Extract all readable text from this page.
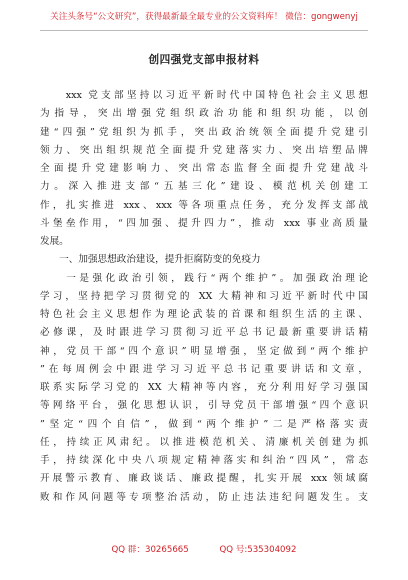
关注头条号“公文研究”，获得最新最全最专业的公文资料库！ 微信：gongwenyj
创四强党支部申报材料
　　xxx 党支部坚持以习近平新时代中国特色社会主义思想
为指导，突出增强党组织政治功能和组织功能，以创
建“四强”党组织为抓手，突出政治统领全面提升党建引
领力、突出组织规范全面提升党建落实力、突出培塑品牌
全面提升党建影响力、突出常态监督全面提升党建战斗
力。深入推进支部“五基三化”建设、模范机关创建工
作，扎实推进 xxx、xxx 等各项重点任务，充分发挥支部战
斗堡垒作用，“四加强、提升四力”，推动 xxx 事业高质量
发展。
　　一、加强思想政治建设，提升拒腐防变的免疫力
　　一是强化政治引领，践行“两个维护”。加强政治理论
学习，坚持把学习贯彻党的 XX 大精神和习近平新时代中国
特色社会主义思想作为理论武装的首课和组织生活的主课、
必修课，及时跟进学习贯彻习近平总书记最新重要讲话精
神，党员干部“四个意识”明显增强，坚定做到“两个维护
”在每周例会中跟进学习习近平总书记重要讲话和文章，
联系实际学习党的 XX 大精神等内容，充分利用好学习强国
等网络平台，强化思想认识，引导党员干部增强“四个意识
”坚定“四个自信”，做到“两个维护”二是严格落实责
任，持续正风肃纪。以推进模范机关、清廉机关创建为抓
手，持续深化中央八项规定精神落实和纠治“四风”，常态
开展警示教育、廉政谈话、廉政提醒，扎实开展 xxx 领域腐
败和作风问题等专项整治活动，防止违法违纪问题发生。支
QQ 群：30265665	QQ 号:535304092
